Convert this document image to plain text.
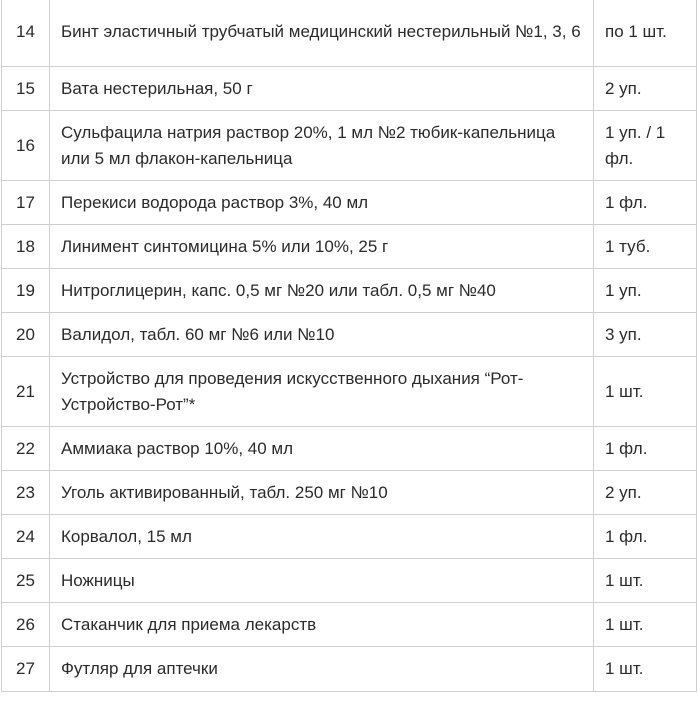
14	Бинт эластичный трубчатый медицинский нестерильный №1, 3, 6	по 1 шт.
15	Вата нестерильная, 50 г	2 уп.
16	Сульфацила натрия раствор 20%, 1 мл №2 тюбик-капельница или 5 мл флакон-капельница	1 уп. / 1 фл.
17	Перекиси водорода раствор 3%, 40 мл	1 фл.
18	Линимент синтомицина 5% или 10%, 25 г	1 туб.
19	Нитроглицерин, капс. 0,5 мг №20 или табл. 0,5 мг №40	1 уп.
20	Валидол, табл. 60 мг №6 или №10	3 уп.
21	Устройство для проведения искусственного дыхания “Рот-Устройство-Рот”*	1 шт.
22	Аммиака раствор 10%, 40 мл	1 фл.
23	Уголь активированный, табл. 250 мг №10	2 уп.
24	Корвалол, 15 мл	1 фл.
25	Ножницы	1 шт.
26	Стаканчик для приема лекарств	1 шт.
27	Футляр для аптечки	1 шт.
